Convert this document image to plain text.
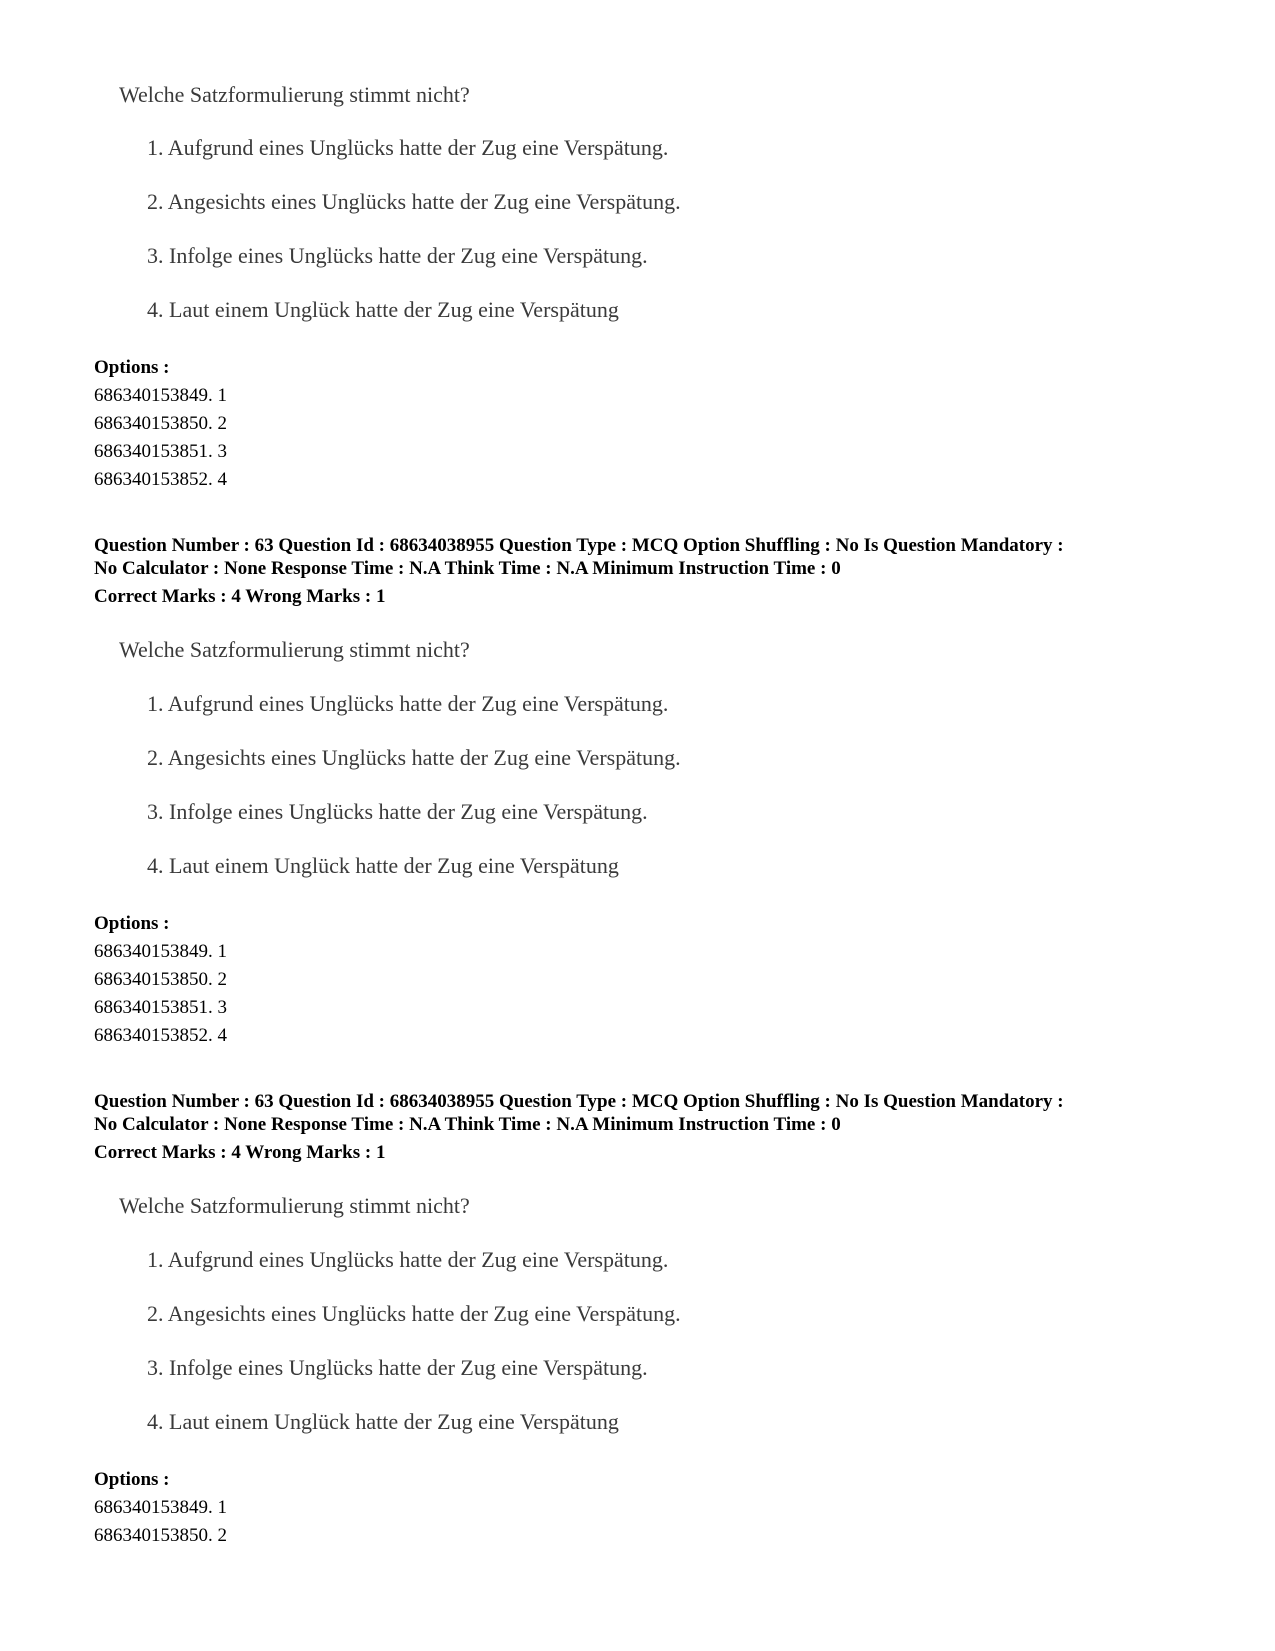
Welche Satzformulierung stimmt nicht?
1. Aufgrund eines Unglücks hatte der Zug eine Verspätung.
2. Angesichts eines Unglücks hatte der Zug eine Verspätung.
3. Infolge eines Unglücks hatte der Zug eine Verspätung.
4. Laut einem Unglück hatte der Zug eine Verspätung
Options :
686340153849. 1
686340153850. 2
686340153851. 3
686340153852. 4
Question Number : 63 Question Id : 68634038955 Question Type : MCQ Option Shuffling : No Is Question Mandatory :
No Calculator : None Response Time : N.A Think Time : N.A Minimum Instruction Time : 0
Correct Marks : 4 Wrong Marks : 1
Welche Satzformulierung stimmt nicht?
1. Aufgrund eines Unglücks hatte der Zug eine Verspätung.
2. Angesichts eines Unglücks hatte der Zug eine Verspätung.
3. Infolge eines Unglücks hatte der Zug eine Verspätung.
4. Laut einem Unglück hatte der Zug eine Verspätung
Options :
686340153849. 1
686340153850. 2
686340153851. 3
686340153852. 4
Question Number : 63 Question Id : 68634038955 Question Type : MCQ Option Shuffling : No Is Question Mandatory :
No Calculator : None Response Time : N.A Think Time : N.A Minimum Instruction Time : 0
Correct Marks : 4 Wrong Marks : 1
Welche Satzformulierung stimmt nicht?
1. Aufgrund eines Unglücks hatte der Zug eine Verspätung.
2. Angesichts eines Unglücks hatte der Zug eine Verspätung.
3. Infolge eines Unglücks hatte der Zug eine Verspätung.
4. Laut einem Unglück hatte der Zug eine Verspätung
Options :
686340153849. 1
686340153850. 2
